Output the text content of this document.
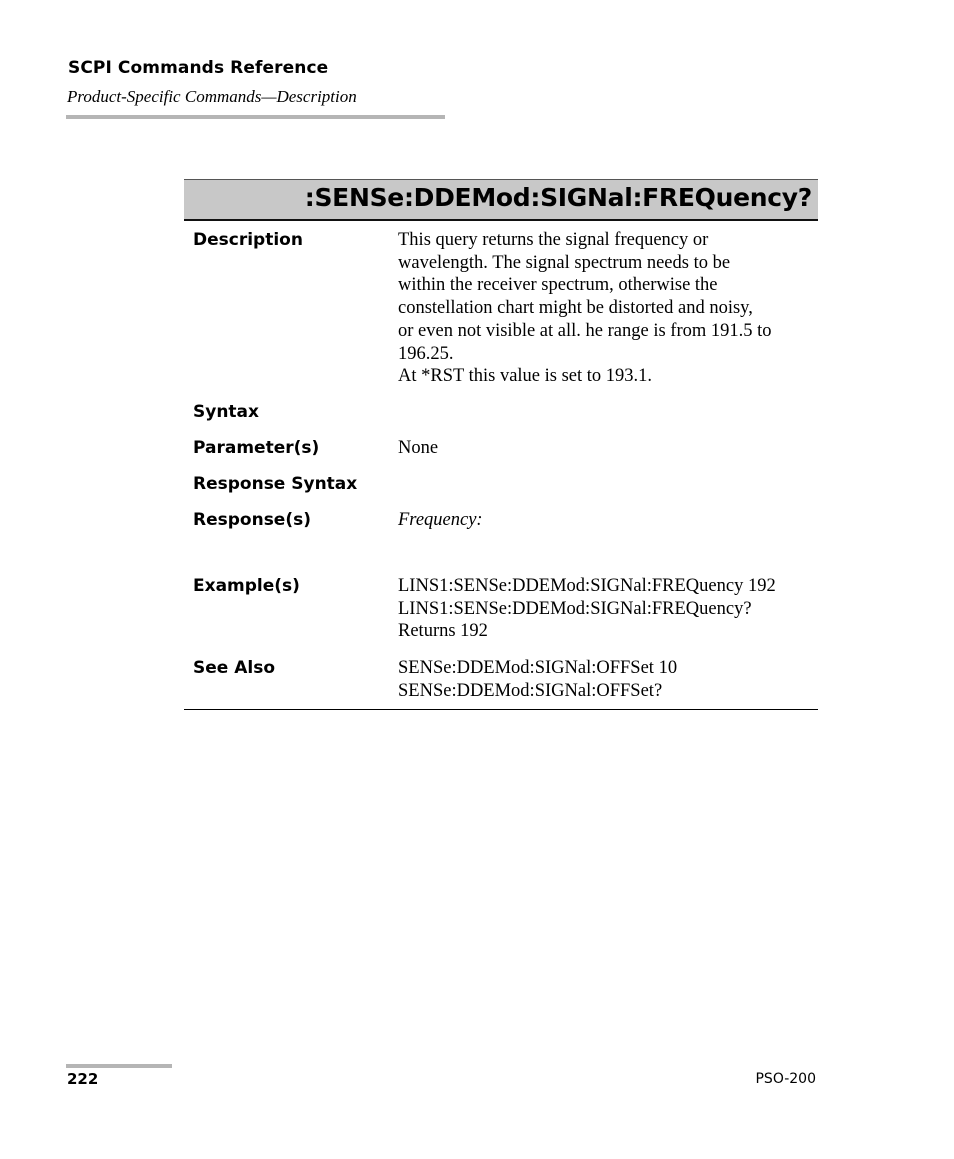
SCPI Commands Reference
Product-Specific Commands—Description
:SENSe:DDEMod:SIGNal:FREQuency?
Description	This query returns the signal frequency or
wavelength. The signal spectrum needs to be
within the receiver spectrum, otherwise the
constellation chart might be distorted and noisy,
or even not visible at all. he range is from 191.5 to
196.25.
At *RST this value is set to 193.1.
Syntax
Parameter(s)	None
Response Syntax
Response(s)	Frequency:
Example(s)	LINS1:SENSe:DDEMod:SIGNal:FREQuency 192
LINS1:SENSe:DDEMod:SIGNal:FREQuency?
Returns 192
See Also	SENSe:DDEMod:SIGNal:OFFSet 10
SENSe:DDEMod:SIGNal:OFFSet?
222	PSO-200
